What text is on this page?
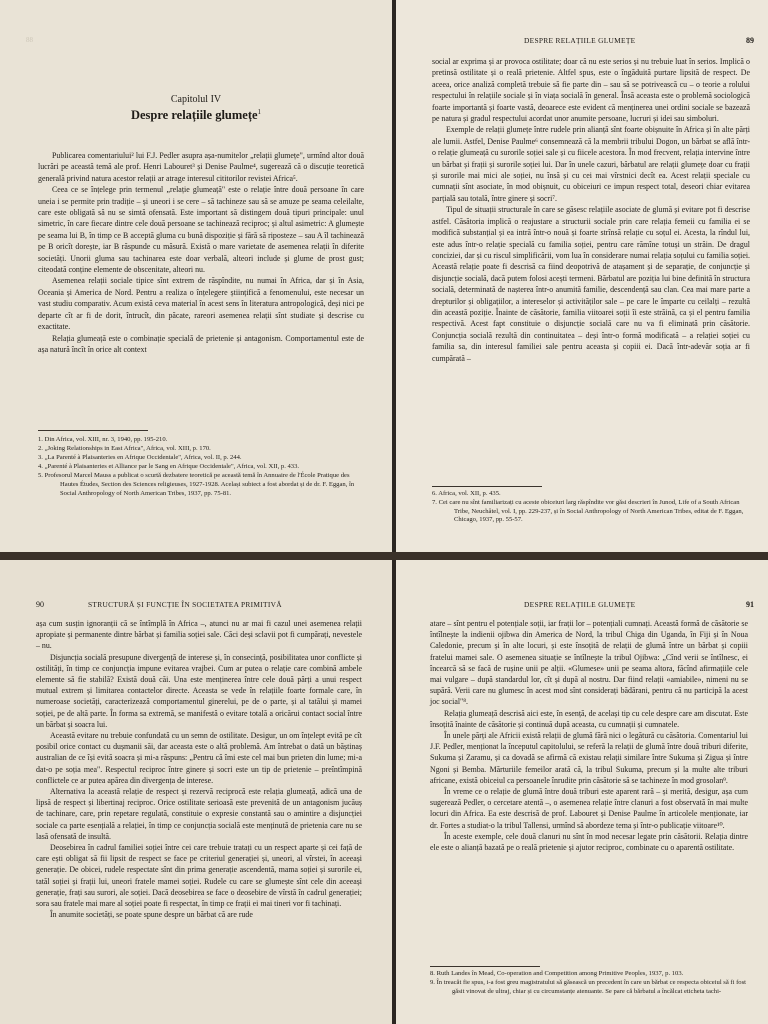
88
Capitolul IV
Despre relațiile glumețe$^1$

Publicarea comentariului² lui F.J. Pedler asupra așa-numitelor „relații glumețe", urmînd altor două lucrări pe această temă ale prof. Henri Labouret³ și Denise Paulme⁴, sugerează că o discuție teoretică generală privind natura acestor relații ar atrage interesul cititorilor revistei Africa⁵.

Ceea ce se înțelege prin termenul „relație glumeață" este o relație între două persoane în care uneia i se permite prin tradiție – și uneori i se cere – să tachineze sau să se amuze pe seama celeilalte, care este obligată să nu se simtă ofensată. Este important să distingem două tipuri principale: unul simetric, în care fiecare dintre cele două persoane se tachinează reciproc; și altul asimetric: A glumește pe seama lui B, în timp ce B acceptă gluma cu bună dispoziție și fără să riposteze – sau A îl tachinează pe B oricît dorește, iar B răspunde cu măsură. Există o mare varietate de asemenea relații în diferite societăți. Unorii gluma sau tachinarea este doar verbală, alteori include și glume de prost gust; citeodată conține elemente de obscenitate, alteori nu.

Asemenea relații sociale tipice sînt extrem de răspîndite, nu numai în Africa, dar și în Asia, Oceania și America de Nord. Pentru a realiza o înțelegere științifică a fenomenului, este necesar un vast studiu comparativ. Acum există ceva material în acest sens în literatura antropologică, deși nici pe departe cît ar fi de dorit, întrucît, din păcate, rareori asemenea relații sînt studiate și descrise cu exactitate.

Relația glumeață este o combinație specială de prietenie și antagonism. Comportamentul este de așa natură încît în orice alt context

1. Din Africa, vol. XIII, nr. 3, 1940, pp. 195-210.
2. „Joking Relationships in East Africa", Africa, vol. XIII, p. 170.
3. „La Parenté à Plaisanteries en Afrique Occidentale", Africa, vol. II, p. 244.
4. „Parenté à Plaisanteries et Alliance par le Sang en Afrique Occidentale", Africa, vol. XII, p. 433.
5. Profesorul Marcel Mauss a publicat o scurtă dezbatere teoretică pe această temă în Annuaire de l'École Pratique des Hautes Études, Section des Sciences religieuses, 1927-1928. Același subiect a fost abordat și de dr. F. Eggan, în Social Anthropology of North American Tribes, 1937, pp. 75-81.
DESPRE RELAȚIILE GLUMEȚE	89

social ar exprima și ar provoca ostilitate; doar că nu este serios și nu trebuie luat în serios. Implică o pretinsă ostilitate și o reală prietenie. Altfel spus, este o îngăduită purtare lipsită de respect. De aceea, orice analiză completă trebuie să fie parte din – sau să se potrivească cu – o teorie a rolului respectului în relațiile sociale și în viața socială în general. Însă aceasta este o problemă sociologică foarte importantă și foarte vastă, deoarece este evident că menținerea unei ordini sociale se bazează pe natura și gradul respectului acordat unor anumite persoane, lucruri și idei sau simboluri.

Exemple de relații glumețe între rudele prin alianță sînt foarte obișnuite în Africa și în alte părți ale lumii. Astfel, Denise Paulme⁶ consemnează că la membrii tribului Dogon, un bărbat se află într-o relație glumeață cu surorile soției sale și cu fiicele acestora. În mod frecvent, relația intervine între un bărbat și frații și surorile soției lui. Dar în unele cazuri, bărbatul are relații glumețe doar cu frații și surorile mai mici ale soției, nu însă și cu cei mai vîrstnici decît ea. Acest relații speciale cu cumnații sînt asociate, în mod obișnuit, cu obiceiuri ce impun respect total, deseori chiar evitarea parțială sau totală, între ginere și socri⁷.

Tipul de situații structurale în care se găsesc relațiile asociate de glumă și evitare pot fi descrise astfel. Căsătoria implică o reajustare a structurii sociale prin care relația femeii cu familia ei se modifică substanțial și ea intră într-o nouă și foarte strînsă relație cu soțul ei. Acesta, la rîndul lui, este adus într-o relație specială cu familia soției, pentru care rămîne totuși un străin. De dragul conciziei, dar și cu riscul simplificării, vom lua în considerare numai relația soțului cu familia soției. Această relație poate fi descrisă ca fiind deopotrivă de atașament și de separație, de conjuncție și disjuncție socială, dacă putem folosi acești termeni. Bărbatul are poziția lui bine definită în structura socială, determinată de nașterea într-o anumită familie, descendență sau clan. Cea mai mare parte a drepturilor și obligațiilor, a intereselor și activităților sale – pe care le împarte cu ceilalți – rezultă din această poziție. Înainte de căsătorie, familia viitoarei soții îi este străină, ca și el pentru familia respectivă. Acest fapt constituie o disjuncție socială care nu va fi eliminată prin căsătorie. Conjuncția socială rezultă din continuitatea – deși într-o formă modificată – a relației soției cu familia sa, din interesul familiei sale pentru aceasta și copiii ei. Dacă într-adevăr soția ar fi cumpărată –

6. Africa, vol. XII, p. 435.
7. Cei care nu sînt familiarizați cu aceste obiceiuri larg răspîndite vor găsi descrieri în Junod, Life of a South African Tribe, Neuchâtel, vol. I, pp. 229-237, și în Social Anthropology of North American Tribes, editat de F. Eggan, Chicago, 1937, pp. 55-57.
90	STRUCTURĂ ȘI FUNCȚIE ÎN SOCIETATEA PRIMITIVĂ

așa cum susțin ignoranții că se întîmplă în Africa –, atunci nu ar mai fi cazul unei asemenea relații apropiate și permanente dintre bărbat și familia soției sale. Căci deși sclavii pot fi cumpărați, nevestele – nu.

Disjuncția socială presupune divergență de interese și, în consecință, posibilitatea unor conflicte și ostilități, în timp ce conjuncția impune evitarea vrajbei. Cum ar putea o relație care combină ambele elemente să fie stabilă? Există două căi. Una este menținerea între cele două părți a unui respect mutual extrem și limitarea contactelor directe. Aceasta se vede în relațiile foarte formale care, în numeroase societăți, caracterizează comportamentul ginerelui, pe de o parte, și al tatălui și mamei soției, pe de altă parte. În forma sa extremă, se manifestă o evitare totală a oricărui contact social între un bărbat și soacra lui.

Această evitare nu trebuie confundată cu un semn de ostilitate. Desigur, un om înțelept evită pe cît posibil orice contact cu dușmanii săi, dar aceasta este o altă problemă. Am întrebat o dată un băștinaș australian de ce își evită soacra și mi-a răspuns: „Pentru că îmi este cel mai bun prieten din lume; mi-a dat-o pe soția mea". Respectul reciproc între ginere și socri este un tip de prietenie – preîntîmpină conflictele ce ar putea apărea din divergența de interese.

Alternativa la această relație de respect și rezervă reciprocă este relația glumeață, adică una de lipsă de respect și libertinaj reciproc. Orice ostilitate serioasă este prevenită de un antagonism jucăuș de tachinare, care, prin repetare regulată, constituie o expresie constantă sau o amintire a disjuncției sociale ca parte esențială a relației, în timp ce conjuncția socială este menținută de prietenia care nu se lasă ofensată de insultă.

Deosebirea în cadrul familiei soției între cei care trebuie tratați cu un respect aparte și cei față de care ești obligat să fii lipsit de respect se face pe criteriul generației și, uneori, al vîrstei, în aceeași generație. De obicei, rudele respectate sînt din prima generație ascendentă, mama soției și surorile ei, tatăl soției și frații lui, uneori fratele mamei soției. Rudele cu care se glumește sînt cele din aceeași generație, frați sau surori, ale soției. Dacă deosebirea se face o deosebire de vîrstă în cadrul generației; sora sau fratele mai mare al soției poate fi respectat, în timp ce frații ei mai tineri vor fi tachinați.

În anumite societăți, se poate spune despre un bărbat că are rude

DESPRE RELAȚIILE GLUMEȚE	91

atare – sînt pentru el potențiale soții, iar frații lor – potențiali cumnați. Această formă de căsătorie se întîlnește la indienii ojibwa din America de Nord, la tribul Chiga din Uganda, în Fiji și în Noua Caledonie, precum și în alte locuri, și este însoțită de relații de glumă între un bărbat și copiii fratelui mamei sale. O asemenea situație se întîlnește la tribul Ojibwa: „Cînd verii se întîlnesc, ei încearcă să se facă de rușine unii pe alții. «Glumese» unii pe seama altora, făcînd afirmațiile cele mai vulgare – după standardul lor, cît și după al nostru. Dar fiind relații «amiabile», nimeni nu se supără. Verii care nu glumesc în acest mod sînt considerați bădărani, pentru că nu participă la acest joc social"⁸.

Relația glumeață descrisă aici este, în esență, de același tip cu cele despre care am discutat. Este însoțită înainte de căsătorie și continuă după aceasta, cu cumnații și cumnatele.

În unele părți ale Africii există relații de glumă fără nici o legătură cu căsătoria. Comentariul lui J.F. Pedler, menționat la începutul capitolului, se referă la relații de glumă între două triburi diferite, Sukuma și Zaramu, și ca dovadă se afirmă că existau relații similare între Sukuma și Zigua și între Ngoni și Bemba. Mărturiile femeilor arată că, la tribul Sukuma, precum și la multe alte triburi africane, există obiceiul ca persoanele înrudite prin căsătorie să se tachineze în mod grosolan⁹.

În vreme ce o relație de glumă între două triburi este aparent rară – și merită, desigur, așa cum sugerează Pedler, o cercetare atentă –, o asemenea relație între clanuri a fost observată în mai multe locuri din Africa. Ea este descrisă de prof. Labouret și Denise Paulme în articolele menționate, iar dr. Fortes a studiat-o la tribul Tallensi, urmînd să abordeze tema și într-o publicație viitoare¹⁰.

În aceste exemple, cele două clanuri nu sînt în mod necesar legate prin căsătorii. Relația dintre ele este o alianță bazată pe o reală prietenie și ajutor reciproc, combinate cu o aparentă ostilitate.

8. Ruth Landes în Mead, Co-operation and Competition among Primitive Peoples, 1937, p. 103.
9. În treacăt fie spus, i-a fost greu magistratului să găsească un precedent în care un bărbat ce respecta obiceiul să fi fost găsit vinovat de ultraj, chiar și cu circumstanțe atenuante. Se pare că bărbatul a încălcat eticheta tachi-
